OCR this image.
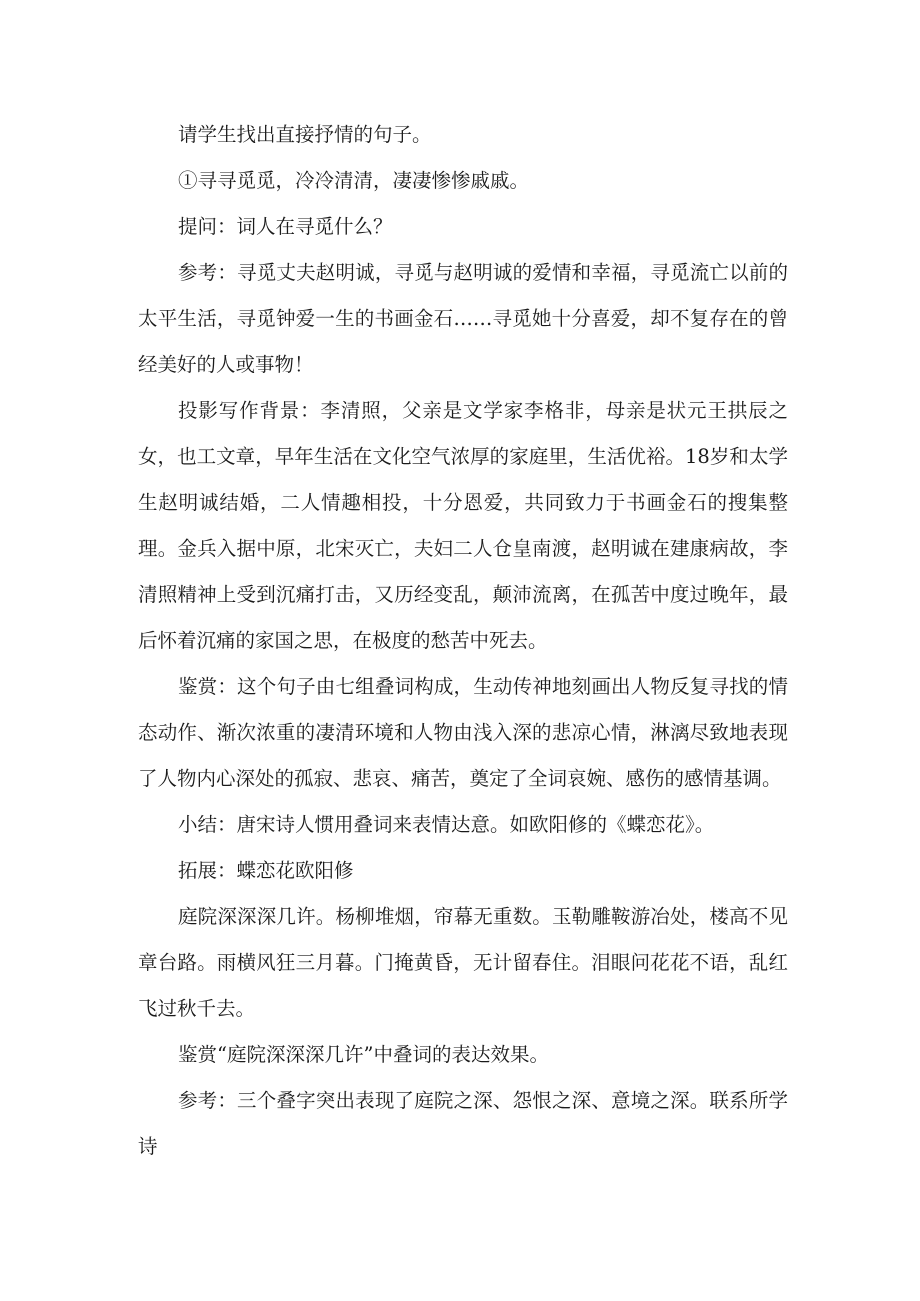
请学生找出直接抒情的句子。

①寻寻觅觅，冷冷清清，凄凄惨惨戚戚。

提问：词人在寻觅什么？

参考：寻觅丈夫赵明诚，寻觅与赵明诚的爱情和幸福，寻觅流亡以前的太平生活，寻觅钟爱一生的书画金石……寻觅她十分喜爱，却不复存在的曾经美好的人或事物！

投影写作背景：李清照，父亲是文学家李格非，母亲是状元王拱辰之女，也工文章，早年生活在文化空气浓厚的家庭里，生活优裕。18岁和太学生赵明诚结婚，二人情趣相投，十分恩爱，共同致力于书画金石的搜集整理。金兵入据中原，北宋灭亡，夫妇二人仓皇南渡，赵明诚在建康病故，李清照精神上受到沉痛打击，又历经变乱，颠沛流离，在孤苦中度过晚年，最后怀着沉痛的家国之思，在极度的愁苦中死去。

鉴赏：这个句子由七组叠词构成，生动传神地刻画出人物反复寻找的情态动作、渐次浓重的凄清环境和人物由浅入深的悲凉心情，淋漓尽致地表现了人物内心深处的孤寂、悲哀、痛苦，奠定了全词哀婉、感伤的感情基调。

小结：唐宋诗人惯用叠词来表情达意。如欧阳修的《蝶恋花》。

拓展：蝶恋花欧阳修

庭院深深深几许。杨柳堆烟，帘幕无重数。玉勒雕鞍游冶处，楼高不见章台路。雨横风狂三月暮。门掩黄昏，无计留春住。泪眼问花花不语，乱红飞过秋千去。

鉴赏“庭院深深深几许”中叠词的表达效果。

参考：三个叠字突出表现了庭院之深、怨恨之深、意境之深。联系所学诗
